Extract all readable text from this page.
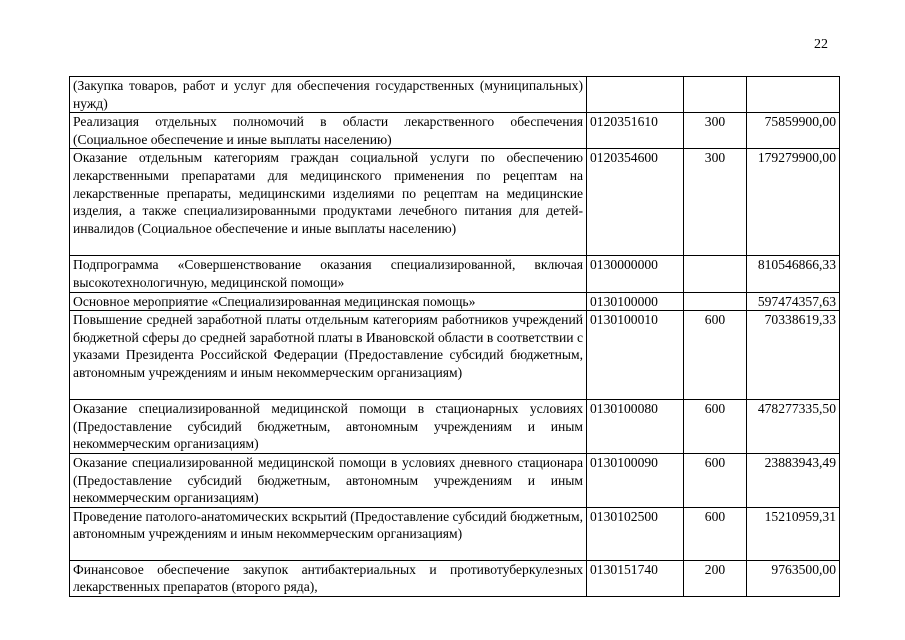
22
(Закупка товаров, работ и услуг для обеспечения государственных (муниципальных) нужд)			
Реализация отдельных полномочий в области лекарственного обеспечения (Социальное обеспечение и иные выплаты населению)	0120351610	300	75859900,00
Оказание отдельным категориям граждан социальной услуги по обеспечению лекарственными препаратами для медицинского применения по рецептам на лекарственные препараты, медицинскими изделиями по рецептам на медицинские изделия, а также специализированными продуктами лечебного питания для детей-инвалидов (Социальное обеспечение и иные выплаты населению)	0120354600	300	179279900,00
Подпрограмма «Совершенствование оказания специализированной, включая высокотехнологичную, медицинской помощи»	0130000000		810546866,33
Основное мероприятие «Специализированная медицинская помощь»	0130100000		597474357,63
Повышение средней заработной платы отдельным категориям работников учреждений бюджетной сферы до средней заработной платы в Ивановской области в соответствии с указами Президента Российской Федерации (Предоставление субсидий бюджетным, автономным учреждениям и иным некоммерческим организациям)	0130100010	600	70338619,33
Оказание специализированной медицинской помощи в стационарных условиях (Предоставление субсидий бюджетным, автономным учреждениям и иным некоммерческим организациям)	0130100080	600	478277335,50
Оказание специализированной медицинской помощи в условиях дневного стационара (Предоставление субсидий бюджетным, автономным учреждениям и иным некоммерческим организациям)	0130100090	600	23883943,49
Проведение патолого-анатомических вскрытий (Предоставление субсидий бюджетным, автономным учреждениям и иным некоммерческим организациям)	0130102500	600	15210959,31
Финансовое обеспечение закупок антибактериальных и противотуберкулезных лекарственных препаратов (второго ряда),	0130151740	200	9763500,00
